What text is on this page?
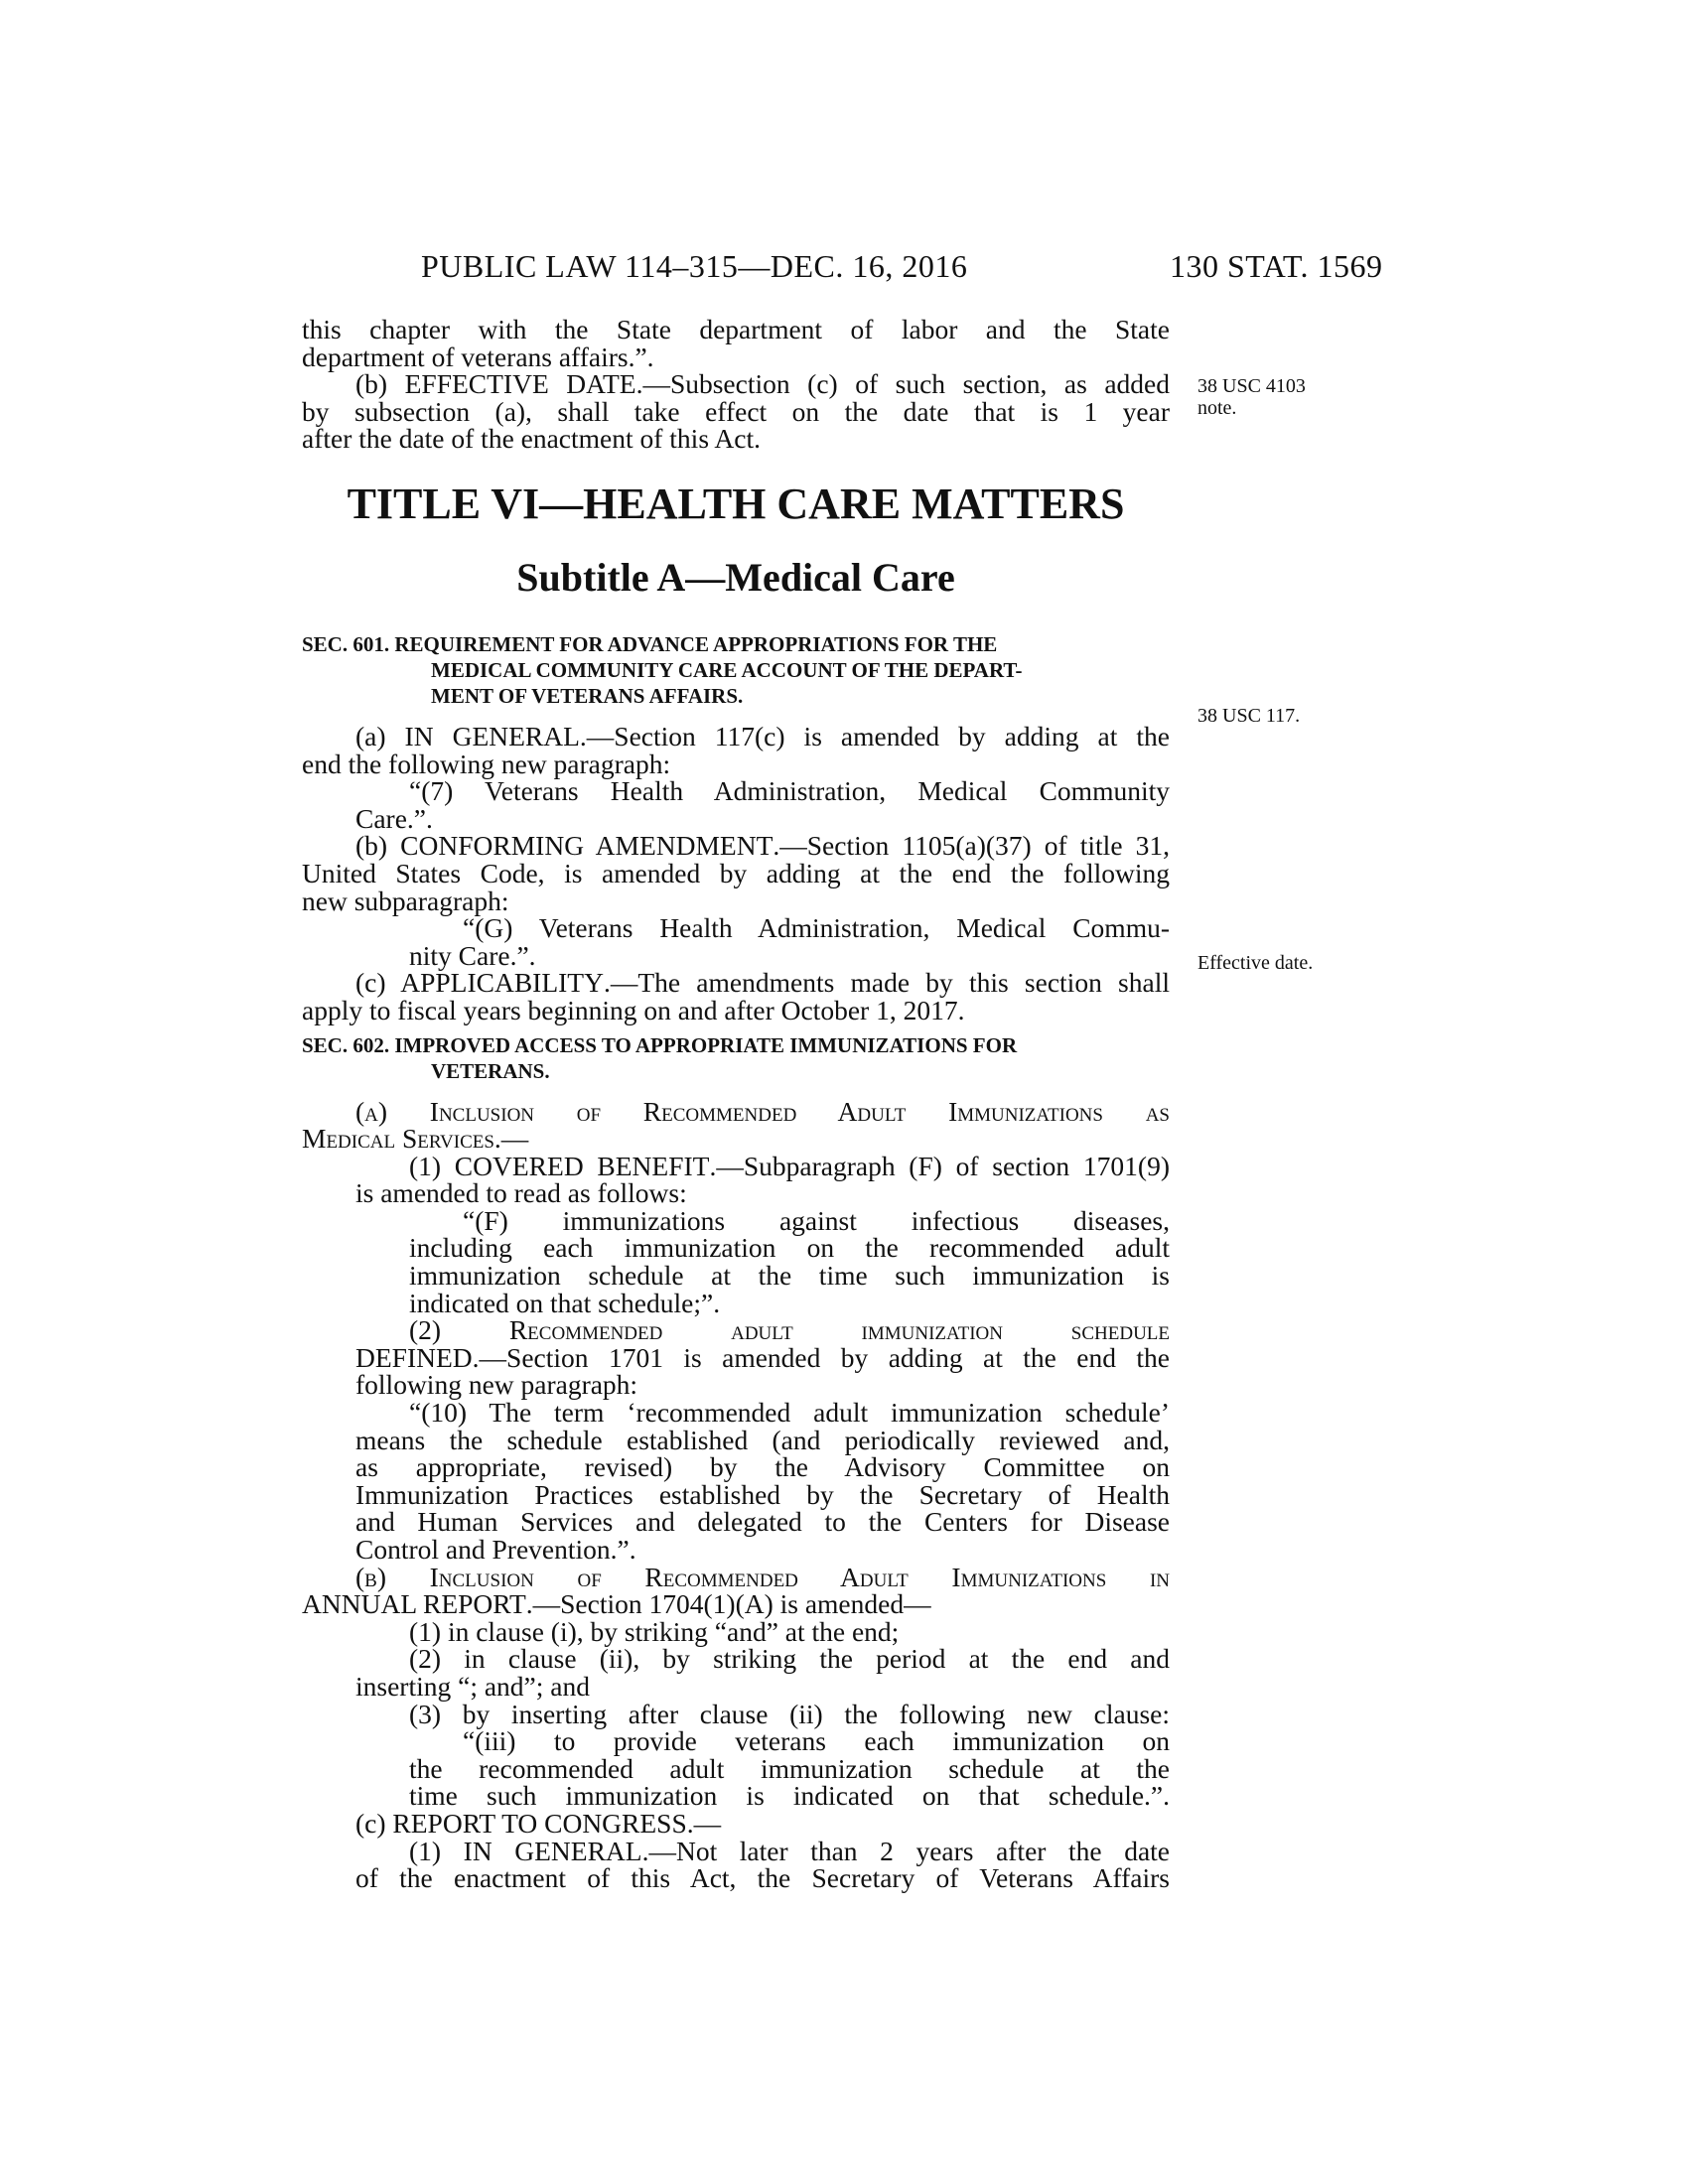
PUBLIC LAW 114–315—DEC. 16, 2016	130 STAT. 1569
38 USC 4103
note.
38 USC 117.
Effective date.
this chapter with the State department of labor and the State
department of veterans affairs.”.
(b) EFFECTIVE DATE.—Subsection (c) of such section, as added
by subsection (a), shall take effect on the date that is 1 year
after the date of the enactment of this Act.
TITLE VI—HEALTH CARE MATTERS
Subtitle A—Medical Care
SEC. 601. REQUIREMENT FOR ADVANCE APPROPRIATIONS FOR THE
MEDICAL COMMUNITY CARE ACCOUNT OF THE DEPART-
MENT OF VETERANS AFFAIRS.
(a) IN GENERAL.—Section 117(c) is amended by adding at the
end the following new paragraph:
“(7) Veterans Health Administration, Medical Community
Care.”.
(b) CONFORMING AMENDMENT.—Section 1105(a)(37) of title 31,
United States Code, is amended by adding at the end the following
new subparagraph:
“(G) Veterans Health Administration, Medical Commu-
nity Care.”.
(c) APPLICABILITY.—The amendments made by this section shall
apply to fiscal years beginning on and after October 1, 2017.
SEC. 602. IMPROVED ACCESS TO APPROPRIATE IMMUNIZATIONS FOR
VETERANS.
(a) Inclusion of Recommended Adult Immunizations as
Medical Services.—
(1) COVERED BENEFIT.—Subparagraph (F) of section 1701(9)
is amended to read as follows:
“(F) immunizations against infectious diseases,
including each immunization on the recommended adult
immunization schedule at the time such immunization is
indicated on that schedule;”.
(2) Recommended adult immunization schedule
DEFINED.—Section 1701 is amended by adding at the end the
following new paragraph:
“(10) The term ‘recommended adult immunization schedule’
means the schedule established (and periodically reviewed and,
as appropriate, revised) by the Advisory Committee on
Immunization Practices established by the Secretary of Health
and Human Services and delegated to the Centers for Disease
Control and Prevention.”.
(b) Inclusion of Recommended Adult Immunizations in
ANNUAL REPORT.—Section 1704(1)(A) is amended—
(1) in clause (i), by striking “and” at the end;
(2) in clause (ii), by striking the period at the end and
inserting “; and”; and
(3) by inserting after clause (ii) the following new clause:
“(iii) to provide veterans each immunization on
the recommended adult immunization schedule at the
time such immunization is indicated on that schedule.”.
(c) REPORT TO CONGRESS.—
(1) IN GENERAL.—Not later than 2 years after the date
of the enactment of this Act, the Secretary of Veterans Affairs
